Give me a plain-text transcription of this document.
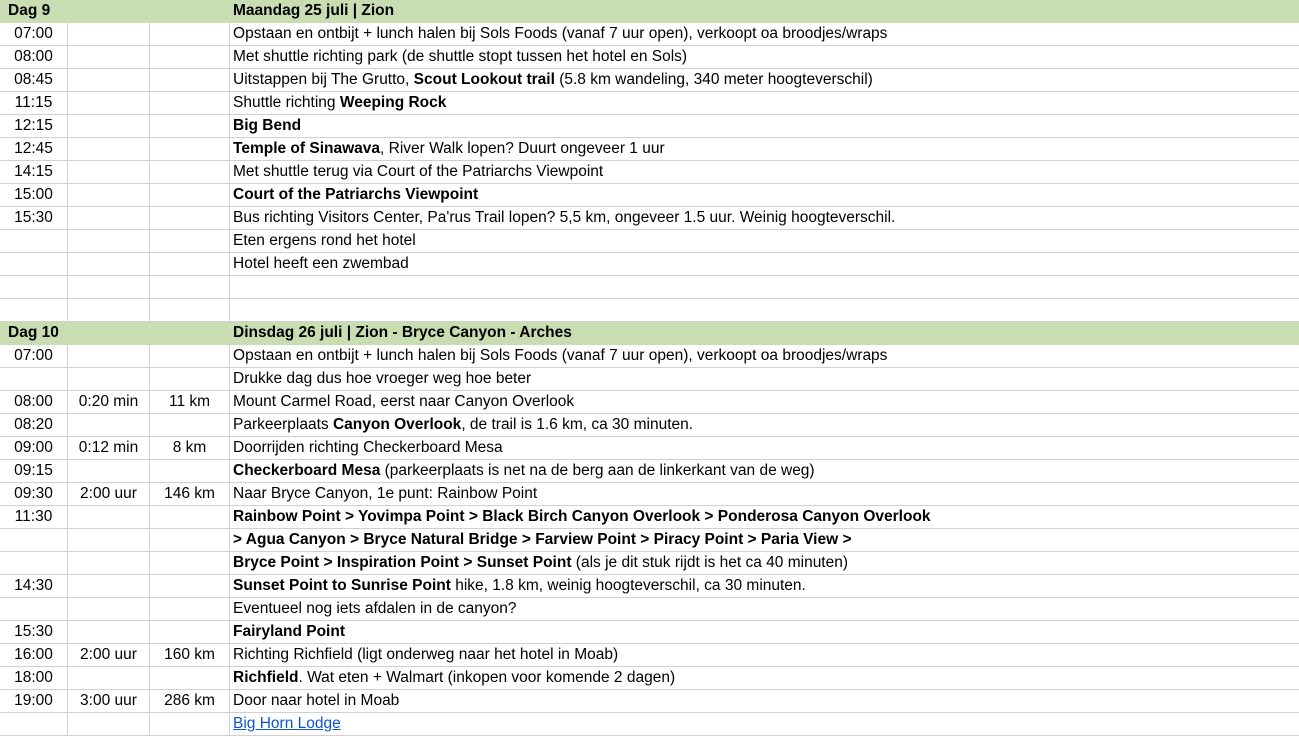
Dag 9			Maandag 25 juli | Zion
07:00			Opstaan en ontbijt + lunch halen bij Sols Foods (vanaf 7 uur open), verkoopt oa broodjes/wraps
08:00			Met shuttle richting park (de shuttle stopt tussen het hotel en Sols)
08:45			Uitstappen bij The Grutto, Scout Lookout trail (5.8 km wandeling, 340 meter hoogteverschil)
11:15			Shuttle richting Weeping Rock
12:15			Big Bend
12:45			Temple of Sinawava, River Walk lopen? Duurt ongeveer 1 uur
14:15			Met shuttle terug via Court of the Patriarchs Viewpoint
15:00			Court of the Patriarchs Viewpoint
15:30			Bus richting Visitors Center, Pa'rus Trail lopen? 5,5 km, ongeveer 1.5 uur. Weinig hoogteverschil.
			Eten ergens rond het hotel
			Hotel heeft een zwembad

Dag 10			Dinsdag 26 juli | Zion - Bryce Canyon - Arches
07:00			Opstaan en ontbijt + lunch halen bij Sols Foods (vanaf 7 uur open), verkoopt oa broodjes/wraps
			Drukke dag dus hoe vroeger weg hoe beter
08:00	0:20 min	11 km	Mount Carmel Road, eerst naar Canyon Overlook
08:20			Parkeerplaats Canyon Overlook, de trail is 1.6 km, ca 30 minuten.
09:00	0:12 min	8 km	Doorrijden richting Checkerboard Mesa
09:15			Checkerboard Mesa (parkeerplaats is net na de berg aan de linkerkant van de weg)
09:30	2:00 uur	146 km	Naar Bryce Canyon, 1e punt: Rainbow Point
11:30			Rainbow Point > Yovimpa Point > Black Birch Canyon Overlook > Ponderosa Canyon Overlook
			> Agua Canyon > Bryce Natural Bridge > Farview Point > Piracy Point > Paria View >
			Bryce Point > Inspiration Point > Sunset Point (als je dit stuk rijdt is het ca 40 minuten)
14:30			Sunset Point to Sunrise Point hike, 1.8 km, weinig hoogteverschil, ca 30 minuten.
			Eventueel nog iets afdalen in de canyon?
15:30			Fairyland Point
16:00	2:00 uur	160 km	Richting Richfield (ligt onderweg naar het hotel in Moab)
18:00			Richfield. Wat eten + Walmart (inkopen voor komende 2 dagen)
19:00	3:00 uur	286 km	Door naar hotel in Moab
			Big Horn Lodge
